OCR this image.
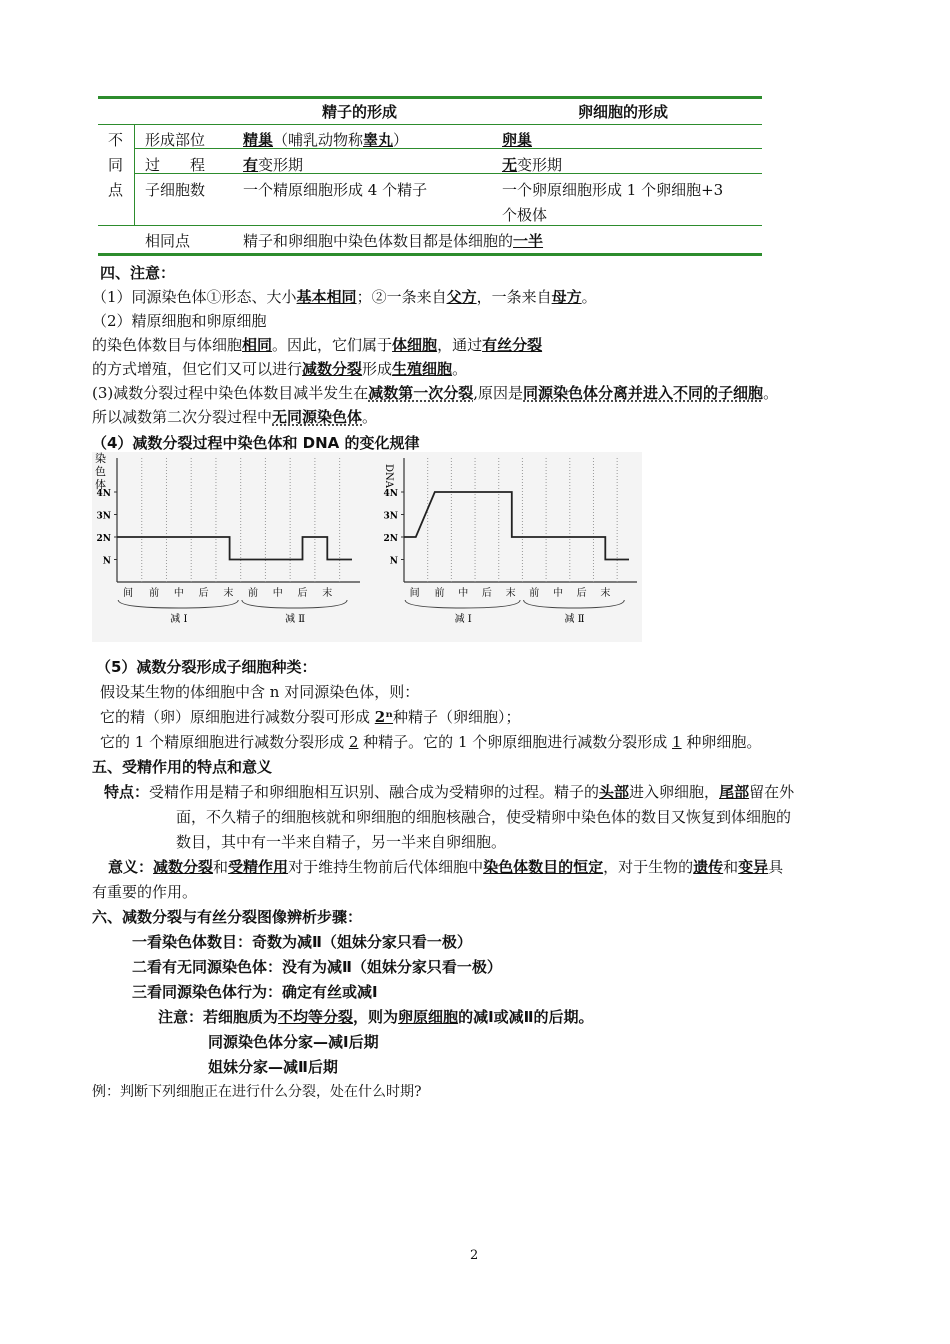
精子的形成	卵细胞的形成
不
同
点
形成部位	精巢（哺乳动物称睾丸）	卵巢
过　　程	有变形期	无变形期
子细胞数	一个精原细胞形成 4 个精子	一个卵原细胞形成 1 个卵细胞+3
个极体
相同点	精子和卵细胞中染色体数目都是体细胞的一半
四、注意：
（1）同源染色体①形态、大小基本相同；②一条来自父方，一条来自母方。
（2）精原细胞和卵原细胞
的染色体数目与体细胞相同。因此，它们属于体细胞，通过有丝分裂
的方式增殖，但它们又可以进行减数分裂形成生殖细胞。
(3)减数分裂过程中染色体数目减半发生在减数第一次分裂,原因是同源染色体分离并进入不同的子细胞。
所以减数第二次分裂过程中无同源染色体。
（4）减数分裂过程中染色体和 DNA 的变化规律
染
色
体
4N
3N
2N
N
间 前 中 后 末 前 中 后 末
减 Ⅰ	减 Ⅱ
DNA
4N
3N
2N
N
间 前 中 后 末 前 中 后 末
减 Ⅰ	减 Ⅱ
（5）减数分裂形成子细胞种类：
假设某生物的体细胞中含 n 对同源染色体，则：
它的精（卵）原细胞进行减数分裂可形成 2ⁿ种精子（卵细胞）；
它的 1 个精原细胞进行减数分裂形成 2 种精子。它的 1 个卵原细胞进行减数分裂形成 1 种卵细胞。
五、受精作用的特点和意义
特点：受精作用是精子和卵细胞相互识别、融合成为受精卵的过程。精子的头部进入卵细胞，尾部留在外
面，不久精子的细胞核就和卵细胞的细胞核融合，使受精卵中染色体的数目又恢复到体细胞的
数目，其中有一半来自精子，另一半来自卵细胞。
意义：减数分裂和受精作用对于维持生物前后代体细胞中染色体数目的恒定，对于生物的遗传和变异具
有重要的作用。
六、减数分裂与有丝分裂图像辨析步骤：
一看染色体数目：奇数为减Ⅱ（姐妹分家只看一极）
二看有无同源染色体：没有为减Ⅱ（姐妹分家只看一极）
三看同源染色体行为：确定有丝或减Ⅰ
注意：若细胞质为不均等分裂，则为卵原细胞的减Ⅰ或减Ⅱ的后期。
同源染色体分家—减Ⅰ后期
姐妹分家—减Ⅱ后期
例：判断下列细胞正在进行什么分裂，处在什么时期?
2
